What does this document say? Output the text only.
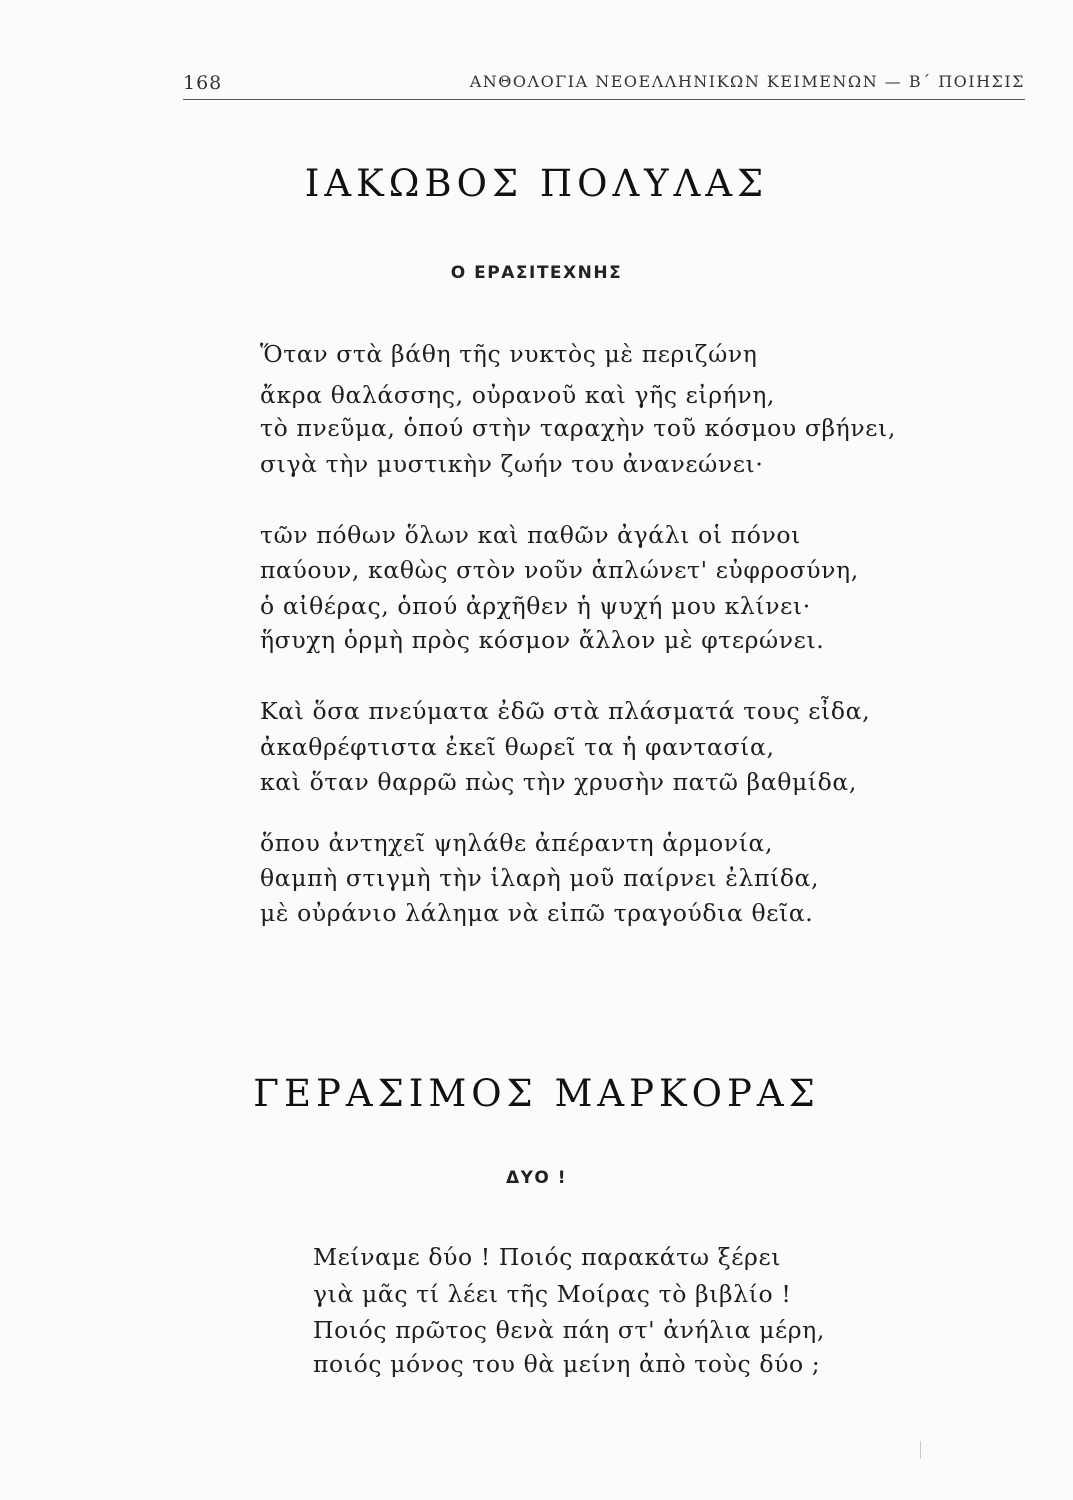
168	ΑΝΘΟΛΟΓΙΑ ΝΕΟΕΛΛΗΝΙΚΩΝ ΚΕΙΜΕΝΩΝ — Β΄ ΠΟΙΗΣΙΣ
ΙΑΚΩΒΟΣ ΠΟΛΥΛΑΣ
Ο ΕΡΑΣΙΤΕΧΝΗΣ
Ὅταν στὰ βάθη τῆς νυκτὸς μὲ περιζώνη
ἄκρα θαλάσσης, οὐρανοῦ καὶ γῆς εἰρήνη,
τὸ πνεῦμα, ὁπού στὴν ταραχὴν τοῦ κόσμου σβήνει,
σιγὰ τὴν μυστικὴν ζωήν του ἀνανεώνει·
τῶν πόθων ὅλων καὶ παθῶν ἀγάλι οἱ πόνοι
παύουν, καθὼς στὸν νοῦν ἁπλώνετ' εὐφροσύνη,
ὁ αἰθέρας, ὁπού ἀρχῆθεν ἡ ψυχή μου κλίνει·
ἥσυχη ὁρμὴ πρὸς κόσμον ἄλλον μὲ φτερώνει.
Καὶ ὅσα πνεύματα ἐδῶ στὰ πλάσματά τους εἶδα,
ἀκαθρέφτιστα ἐκεῖ θωρεῖ τα ἡ φαντασία,
καὶ ὅταν θαρρῶ πὼς τὴν χρυσὴν πατῶ βαθμίδα,
ὅπου ἀντηχεῖ ψηλάθε ἀπέραντη ἁρμονία,
θαμπὴ στιγμὴ τὴν ἱλαρὴ μοῦ παίρνει ἐλπίδα,
μὲ οὐράνιο λάλημα νὰ εἰπῶ τραγούδια θεῖα.
ΓΕΡΑΣΙΜΟΣ ΜΑΡΚΟΡΑΣ
ΔΥΟ !
Μείναμε δύο ! Ποιός παρακάτω ξέρει
γιὰ μᾶς τί λέει τῆς Μοίρας τὸ βιβλίο !
Ποιός πρῶτος θενὰ πάη στ' ἀνήλια μέρη,
ποιός μόνος του θὰ μείνη ἀπὸ τοὺς δύο ;
